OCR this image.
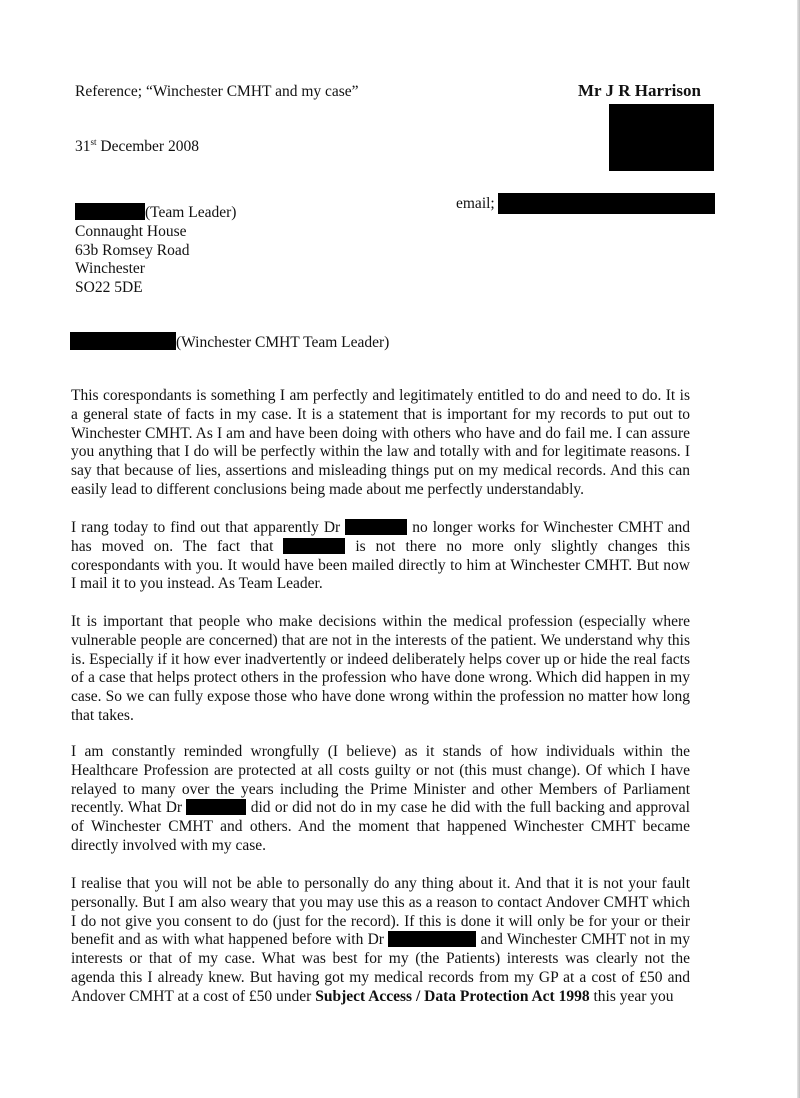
Reference; “Winchester CMHT and my case”	Mr J R Harrison
31st December 2008
email;
(Team Leader)
Connaught House
63b Romsey Road
Winchester
SO22 5DE
(Winchester CMHT Team Leader)
This corespondants is something I am perfectly and legitimately entitled to do and need to do. It is a general state of facts in my case. It is a statement that is important for my records to put out to Winchester CMHT. As I am and have been doing with others who have and do fail me. I can assure you anything that I do will be perfectly within the law and totally with and for legitimate reasons. I say that because of lies, assertions and misleading things put on my medical records. And this can easily lead to different conclusions being made about me perfectly understandably.
I rang today to find out that apparently Dr	no longer works for Winchester CMHT and has moved on. The fact that	is not there no more only slightly changes this corespondants with you. It would have been mailed directly to him at Winchester CMHT. But now I mail it to you instead. As Team Leader.
It is important that people who make decisions within the medical profession (especially where vulnerable people are concerned) that are not in the interests of the patient. We understand why this is. Especially if it how ever inadvertently or indeed deliberately helps cover up or hide the real facts of a case that helps protect others in the profession who have done wrong. Which did happen in my case. So we can fully expose those who have done wrong within the profession no matter how long that takes.
I am constantly reminded wrongfully (I believe) as it stands of how individuals within the Healthcare Profession are protected at all costs guilty or not (this must change). Of which I have relayed to many over the years including the Prime Minister and other Members of Parliament recently. What Dr	did or did not do in my case he did with the full backing and approval of Winchester CMHT and others. And the moment that happened Winchester CMHT became directly involved with my case.
I realise that you will not be able to personally do any thing about it. And that it is not your fault personally. But I am also weary that you may use this as a reason to contact Andover CMHT which I do not give you consent to do (just for the record). If this is done it will only be for your or their benefit and as with what happened before with Dr	and Winchester CMHT not in my interests or that of my case. What was best for my (the Patients) interests was clearly not the agenda this I already knew. But having got my medical records from my GP at a cost of £50 and Andover CMHT at a cost of £50 under Subject Access / Data Protection Act 1998 this year you
